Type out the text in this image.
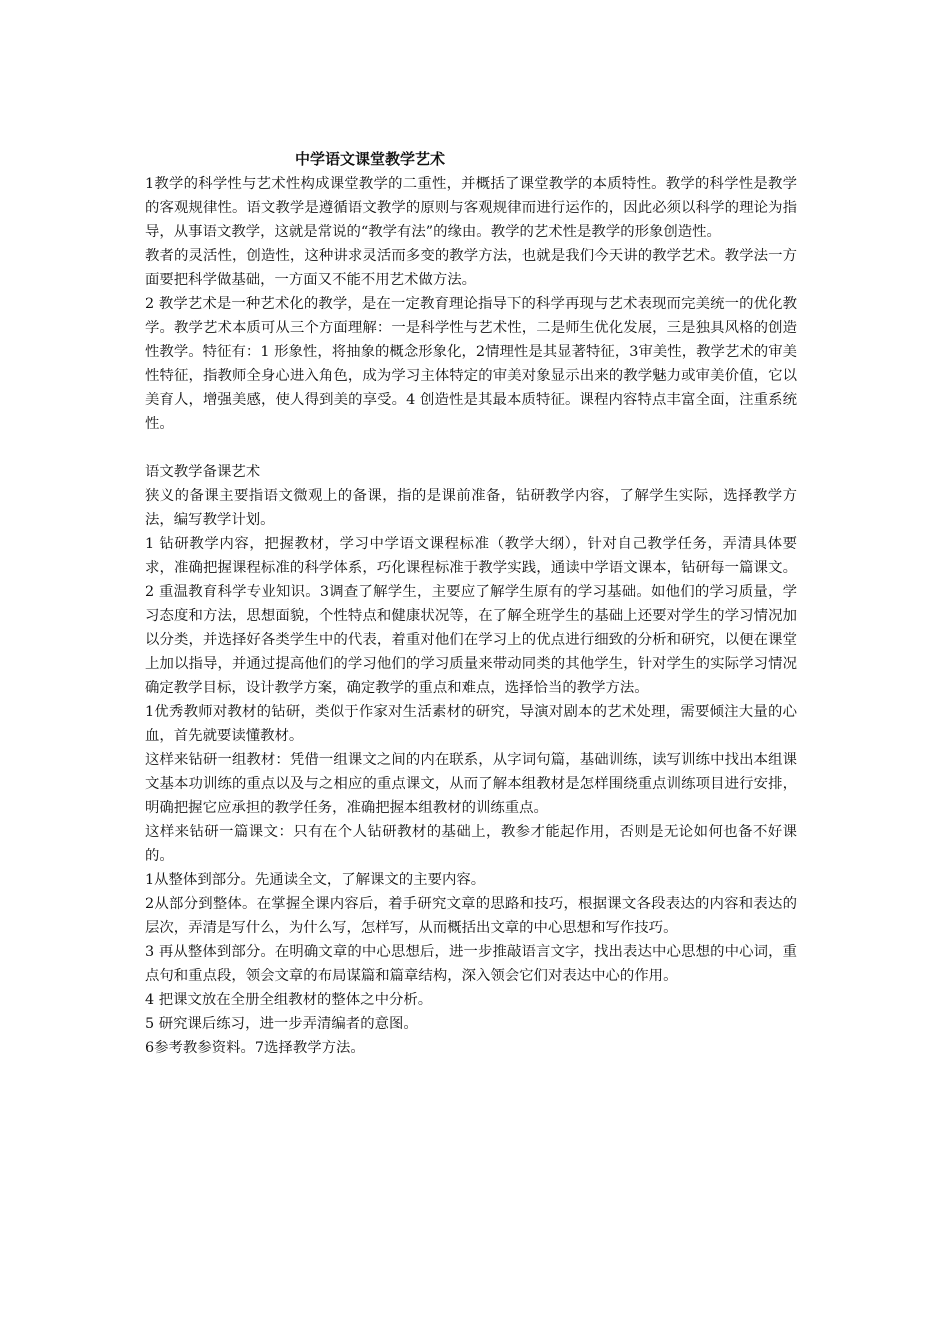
中学语文课堂教学艺术

1教学的科学性与艺术性构成课堂教学的二重性，并概括了课堂教学的本质特性。教学的科学性是教学的客观规律性。语文教学是遵循语文教学的原则与客观规律而进行运作的，因此必须以科学的理论为指导，从事语文教学，这就是常说的“教学有法”的缘由。教学的艺术性是教学的形象创造性。

教者的灵活性，创造性，这种讲求灵活而多变的教学方法，也就是我们今天讲的教学艺术。教学法一方面要把科学做基础，一方面又不能不用艺术做方法。

2 教学艺术是一种艺术化的教学，是在一定教育理论指导下的科学再现与艺术表现而完美统一的优化教学。教学艺术本质可从三个方面理解：一是科学性与艺术性，二是师生优化发展，三是独具风格的创造性教学。特征有：1 形象性，将抽象的概念形象化，2情理性是其显著特征，3审美性，教学艺术的审美性特征，指教师全身心进入角色，成为学习主体特定的审美对象显示出来的教学魅力或审美价值，它以美育人，增强美感，使人得到美的享受。4 创造性是其最本质特征。课程内容特点丰富全面，注重系统性。

语文教学备课艺术

狭义的备课主要指语文微观上的备课，指的是课前准备，钻研教学内容，了解学生实际，选择教学方法，编写教学计划。

1 钻研教学内容，把握教材，学习中学语文课程标准（教学大纲），针对自己教学任务，弄清具体要求，准确把握课程标准的科学体系，巧化课程标准于教学实践，通读中学语文课本，钻研每一篇课文。2 重温教育科学专业知识。3调查了解学生，主要应了解学生原有的学习基础。如他们的学习质量，学习态度和方法，思想面貌，个性特点和健康状况等，在了解全班学生的基础上还要对学生的学习情况加以分类，并选择好各类学生中的代表，着重对他们在学习上的优点进行细致的分析和研究，以便在课堂上加以指导，并通过提高他们的学习他们的学习质量来带动同类的其他学生，针对学生的实际学习情况确定教学目标，设计教学方案，确定教学的重点和难点，选择恰当的教学方法。

1优秀教师对教材的钻研，类似于作家对生活素材的研究，导演对剧本的艺术处理，需要倾注大量的心血，首先就要读懂教材。

这样来钻研一组教材：凭借一组课文之间的内在联系，从字词句篇，基础训练，读写训练中找出本组课文基本功训练的重点以及与之相应的重点课文，从而了解本组教材是怎样围绕重点训练项目进行安排，明确把握它应承担的教学任务，准确把握本组教材的训练重点。

这样来钻研一篇课文：只有在个人钻研教材的基础上，教参才能起作用，否则是无论如何也备不好课的。

1从整体到部分。先通读全文，了解课文的主要内容。

2从部分到整体。在掌握全课内容后，着手研究文章的思路和技巧，根据课文各段表达的内容和表达的层次，弄清是写什么，为什么写，怎样写，从而概括出文章的中心思想和写作技巧。

3 再从整体到部分。在明确文章的中心思想后，进一步推敲语言文字，找出表达中心思想的中心词，重点句和重点段，领会文章的布局谋篇和篇章结构，深入领会它们对表达中心的作用。

4 把课文放在全册全组教材的整体之中分析。

5 研究课后练习，进一步弄清编者的意图。

6参考教参资料。7选择教学方法。
